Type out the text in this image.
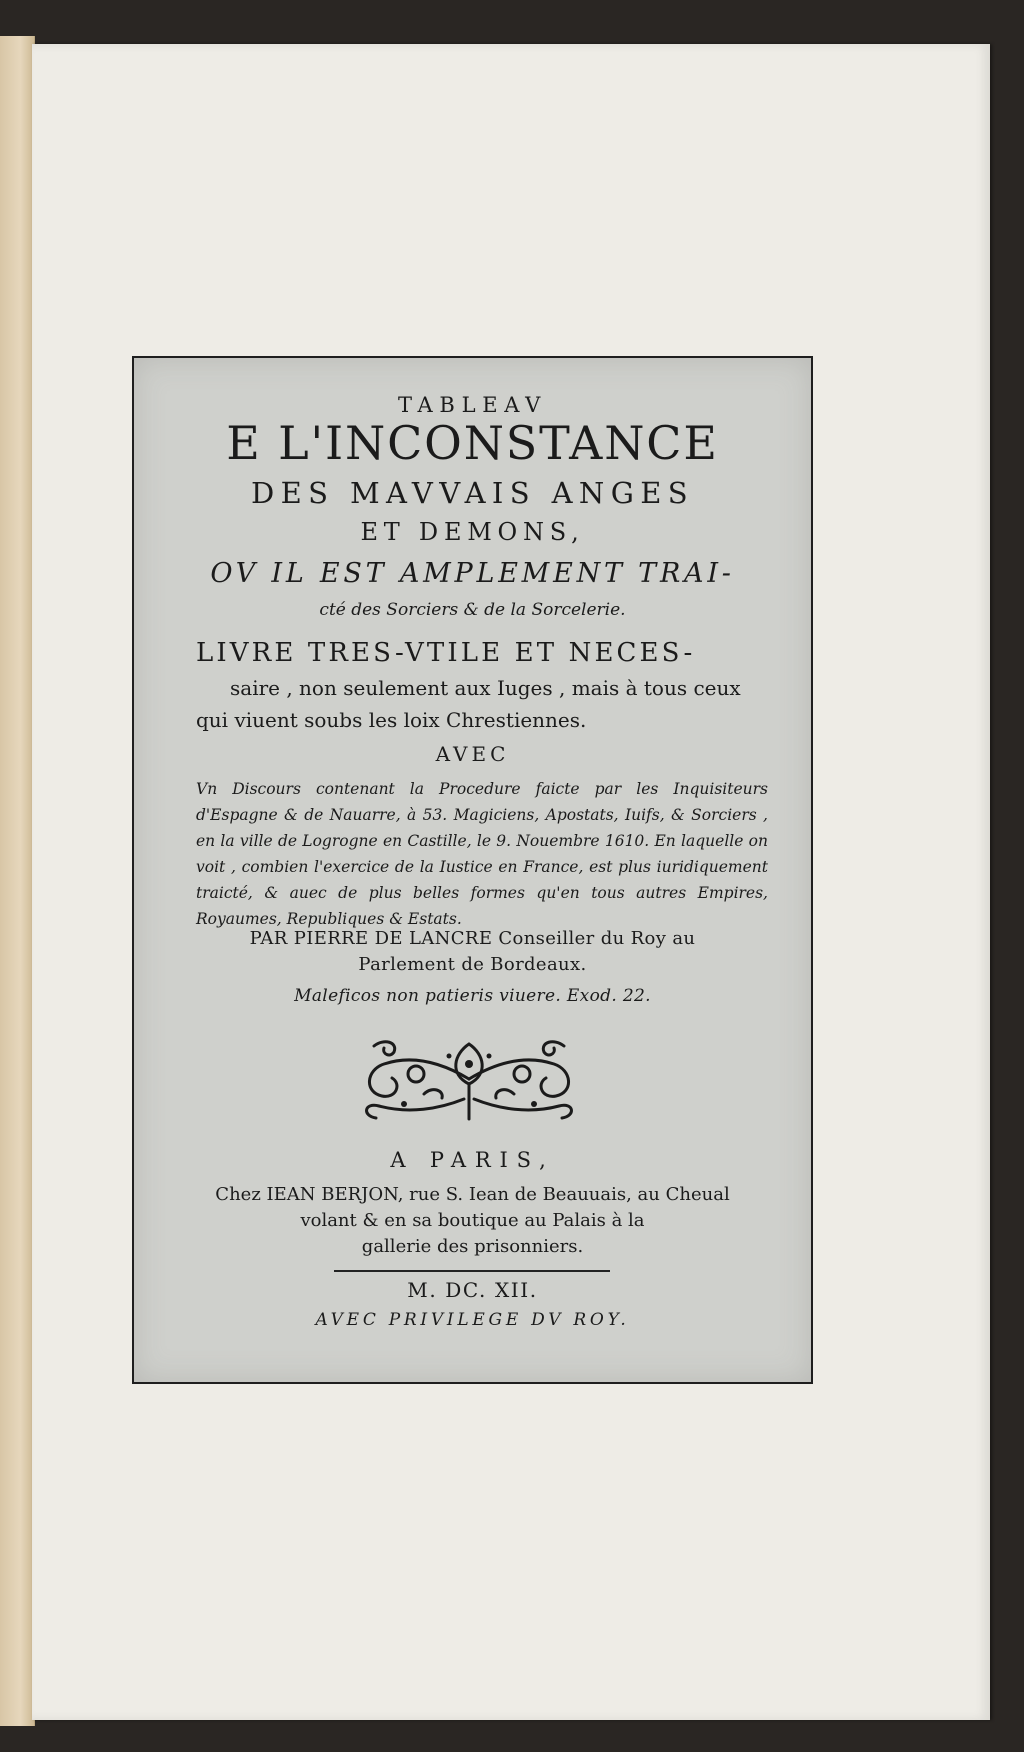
TABLEAV
E L'INCONSTANCE
DES MAVVAIS ANGES
ET DEMONS,
OV IL EST AMPLEMENT TRAI-
cté des Sorciers & de la Sorcelerie.
LIVRE TRES-VTILE ET NECES-
saire , non seulement aux Iuges , mais à tous ceux
qui viuent soubs les loix Chrestiennes.
AVEC
Vn Discours contenant la Procedure faicte par les Inquisiteurs d'Espagne & de Nauarre, à 53. Magiciens, Apostats, Iuifs, & Sorciers , en la ville de Logrogne en Castille, le 9. Nouembre 1610. En laquelle on voit , combien l'exercice de la Iustice en France, est plus iuridiquement traicté, & auec de plus belles formes qu'en tous autres Empires, Royaumes, Republiques & Estats.
PAR PIERRE DE LANCRE Conseiller du Roy au
Parlement de Bordeaux.
Maleficos non patieris viuere. Exod. 22.
A PARIS,
Chez IEAN BERJON, rue S. Iean de Beauuais, au Cheual
volant & en sa boutique au Palais à la
gallerie des prisonniers.
M. DC. XII.
AVEC PRIVILEGE DV ROY.
